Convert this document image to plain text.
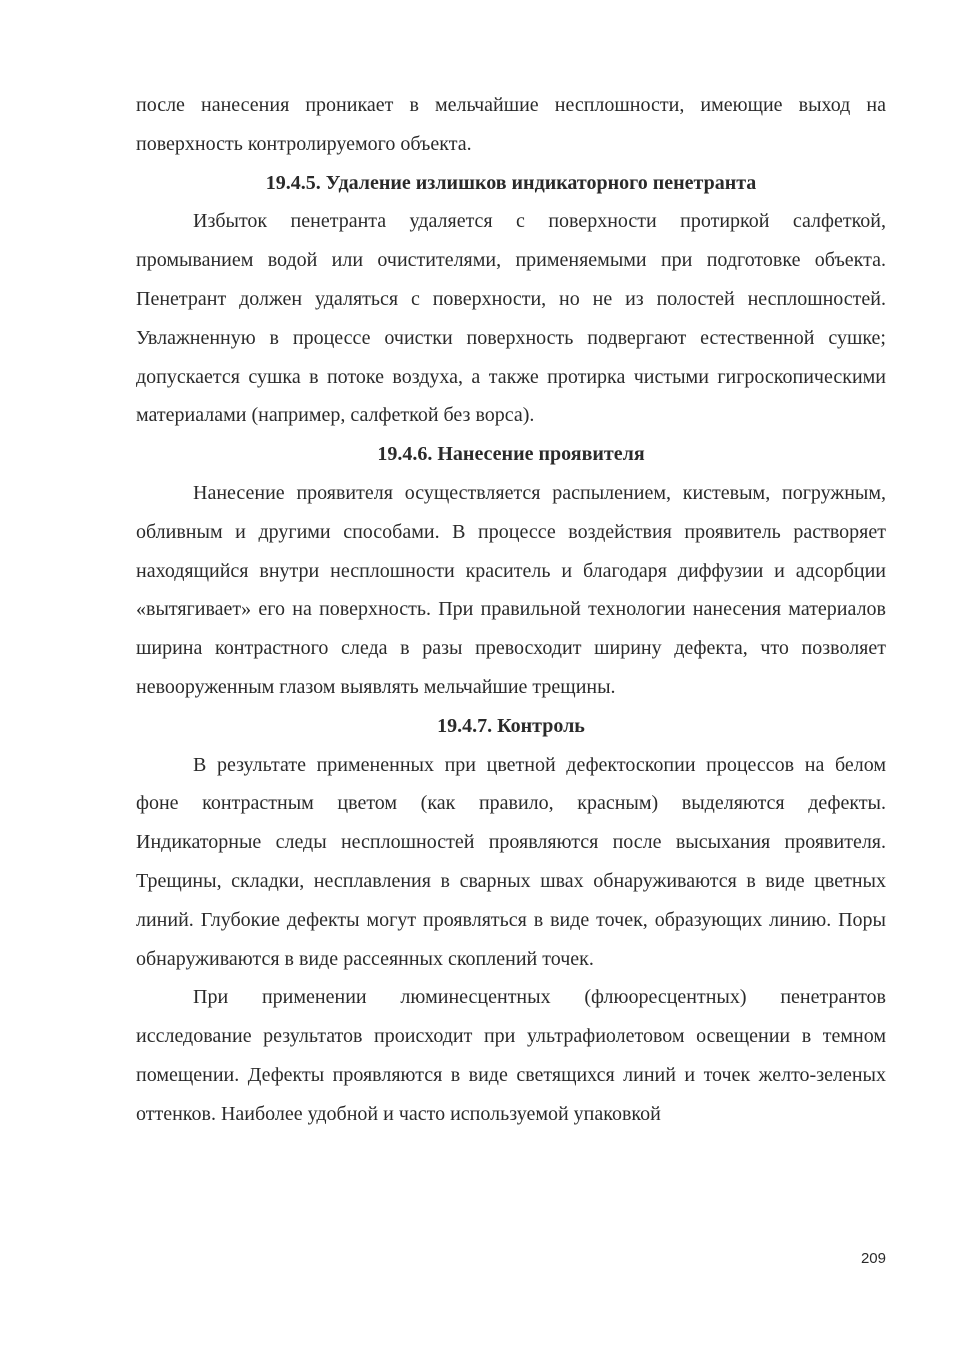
после нанесения проникает в мельчайшие несплошности, имеющие выход на поверхность контролируемого объекта.

19.4.5. Удаление излишков индикаторного пенетранта

Избыток пенетранта удаляется с поверхности протиркой салфеткой, промыванием водой или очистителями, применяемыми при подготовке объекта. Пенетрант должен удаляться с поверхности, но не из полостей несплошностей. Увлажненную в процессе очистки поверхность подвергают естественной сушке; допускается сушка в потоке воздуха, а также протирка чистыми гигроскопическими материалами (например, салфеткой без ворса).

19.4.6. Нанесение проявителя

Нанесение проявителя осуществляется распылением, кистевым, погружным, обливным и другими способами. В процессе воздействия проявитель растворяет находящийся внутри несплошности краситель и благодаря диффузии и адсорбции «вытягивает» его на поверхность. При правильной технологии нанесения материалов ширина контрастного следа в разы превосходит ширину дефекта, что позволяет невооруженным глазом выявлять мельчайшие трещины.

19.4.7. Контроль

В результате примененных при цветной дефектоскопии процессов на белом фоне контрастным цветом (как правило, красным) выделяются дефекты. Индикаторные следы несплошностей проявляются после высыхания проявителя. Трещины, складки, несплавления в сварных швах обнаруживаются в виде цветных линий. Глубокие дефекты могут проявляться в виде точек, образующих линию. Поры обнаруживаются в виде рассеянных скоплений точек.

При применении люминесцентных (флюоресцентных) пенетрантов исследование результатов происходит при ультрафиолетовом освещении в темном помещении. Дефекты проявляются в виде светящихся линий и точек желто-зеленых оттенков. Наиболее удобной и часто используемой упаковкой

209
